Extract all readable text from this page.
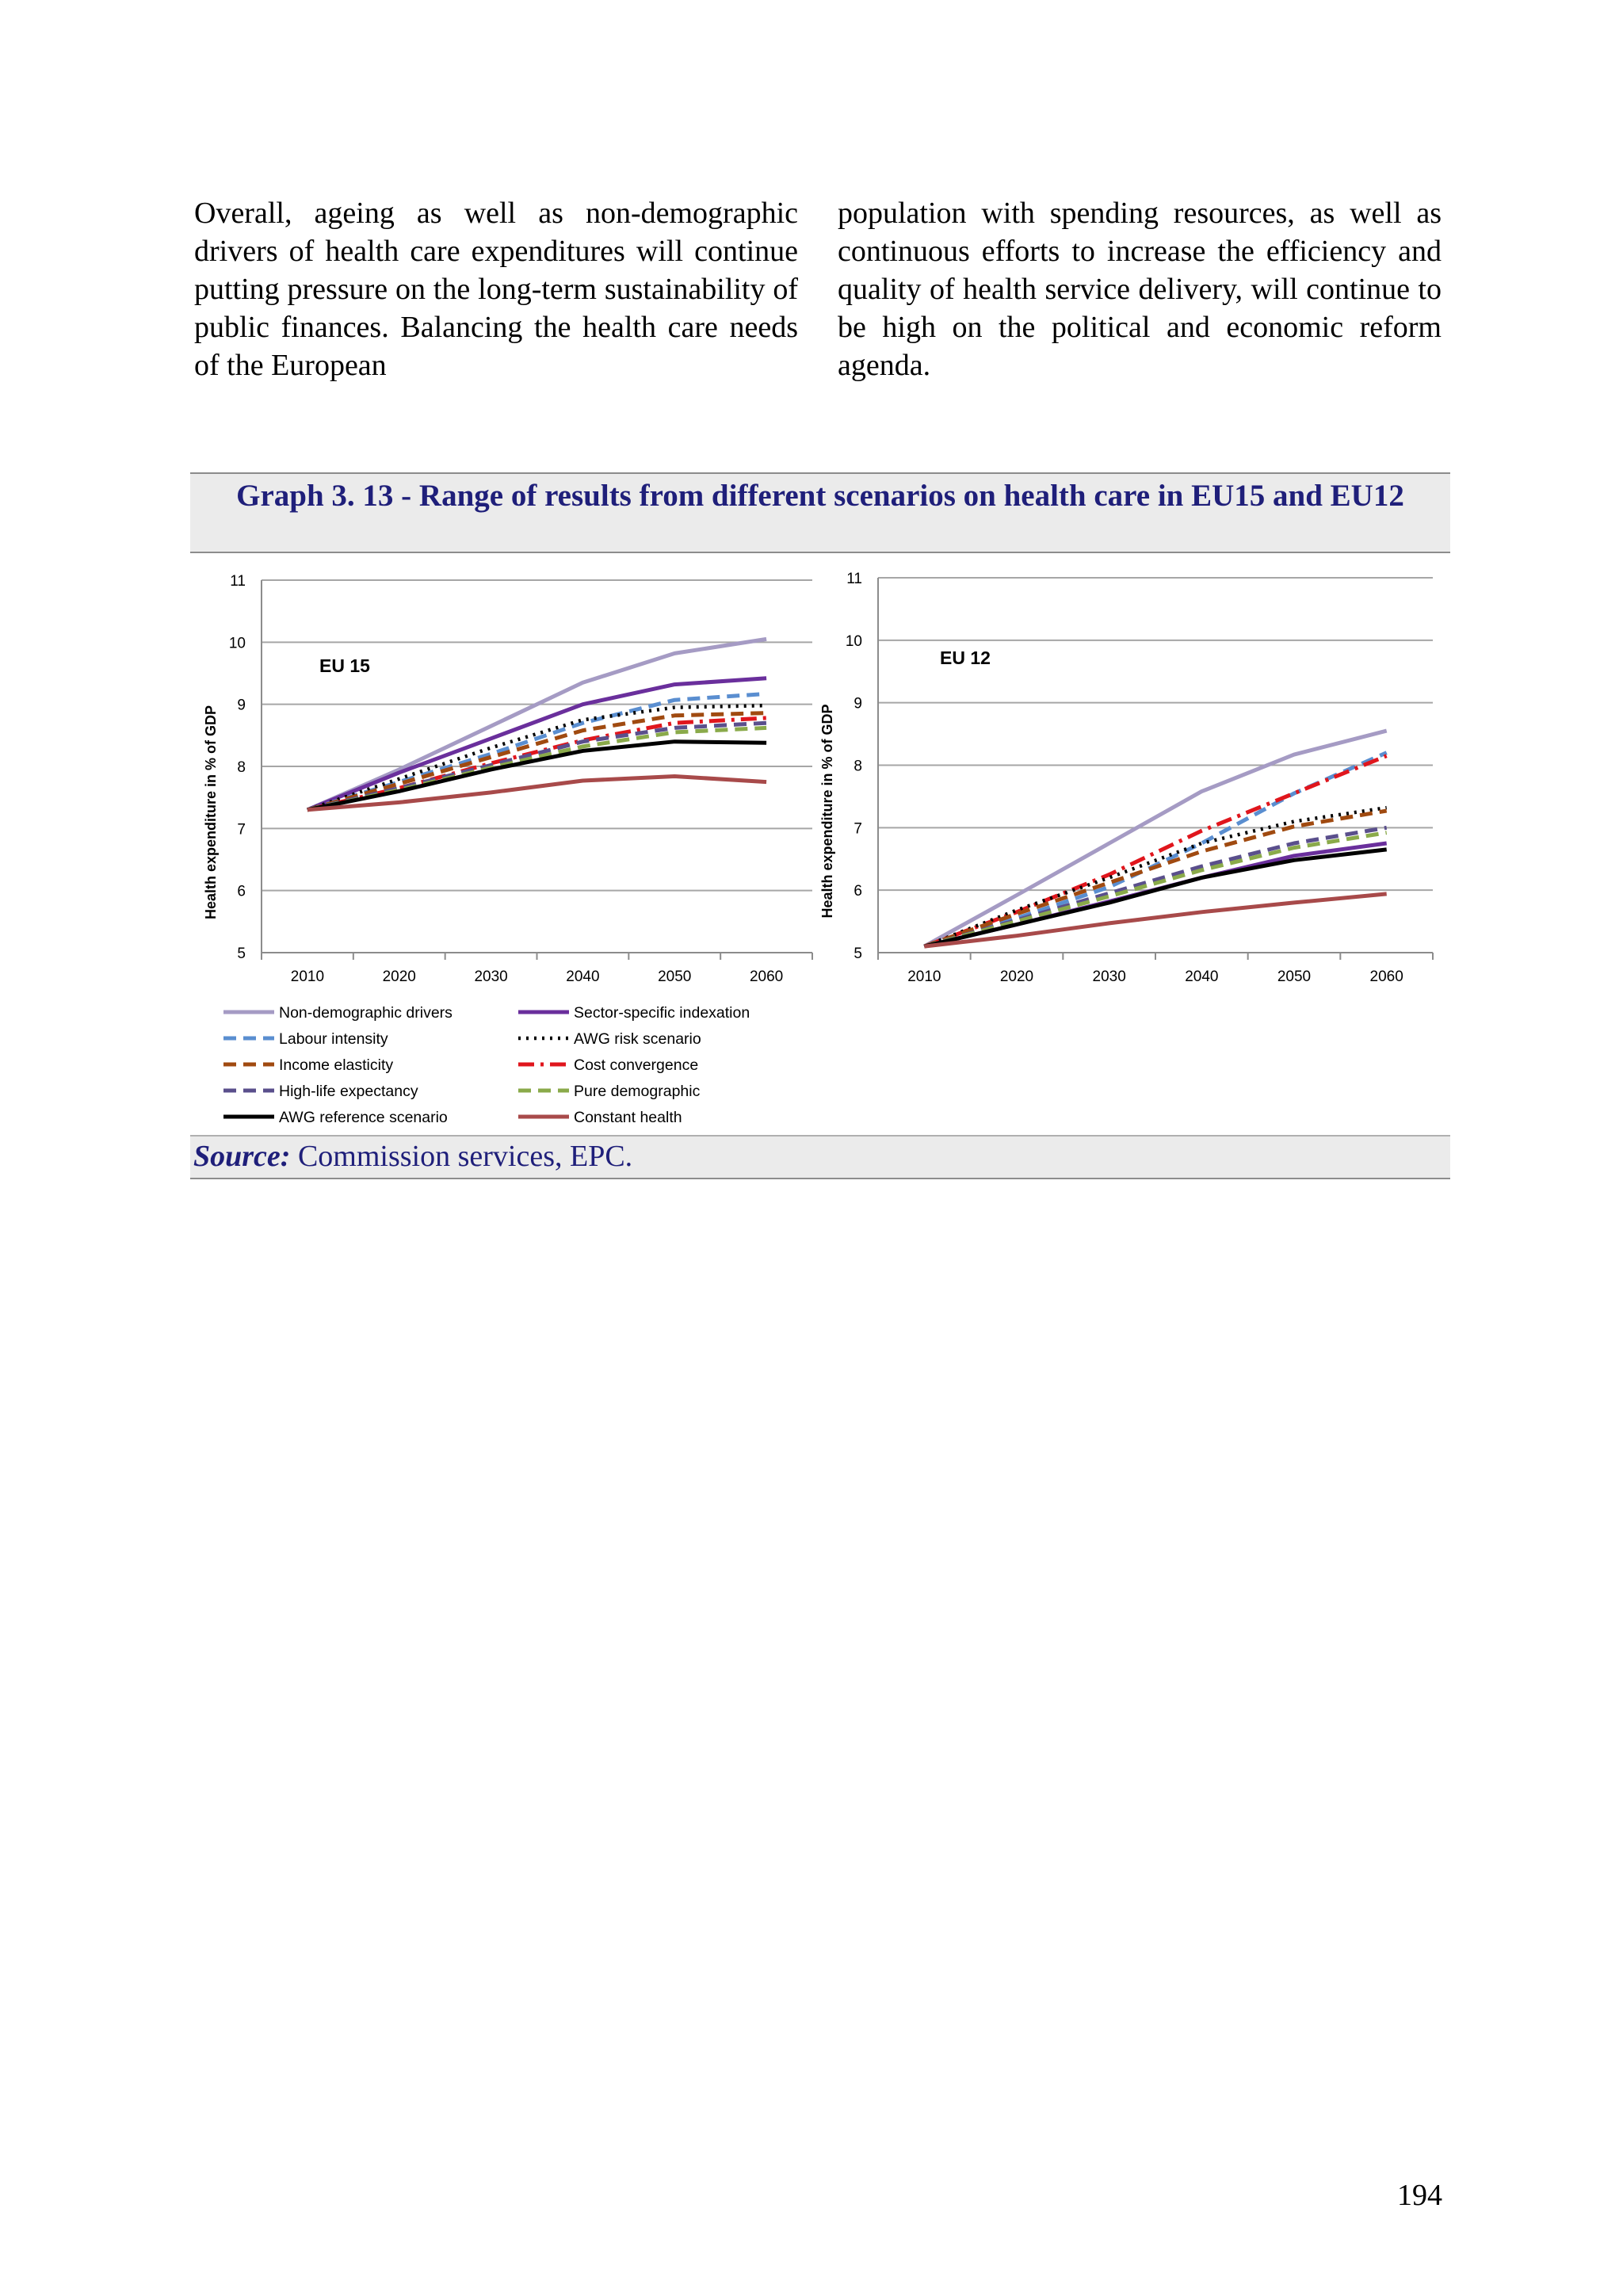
Overall, ageing as well as non-demographic drivers of health care expenditures will continue putting pressure on the long-term sustainability of public finances. Balancing the health care needs of the European

population with spending resources, as well as continuous efforts to increase the efficiency and quality of health service delivery, will continue to be high on the political and economic reform agenda.

Graph 3. 13 - Range of results from different scenarios on health care in EU15 and EU12
5
6
7
8
9
10
11
2010	2020	2030	2040	2050	2060
Health expenditure in % of GDP
EU 15
5
6
7
8
9
10
11
2010	2020	2030	2040	2050	2060
Health expenditure in % of GDP
EU 12
Non-demographic drivers	Sector-specific indexation
Labour intensity	AWG risk scenario
Income elasticity	Cost convergence
High-life expectancy	Pure demographic
AWG reference scenario	Constant health
Source: Commission services, EPC.
194
